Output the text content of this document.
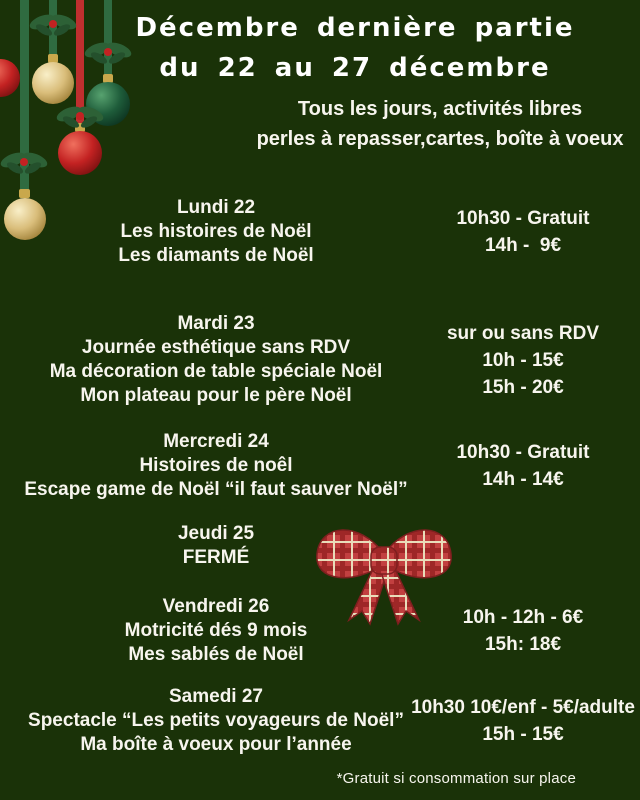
Décembre dernière partie
du 22 au 27 décembre
Tous les jours, activités libres
perles à repasser,cartes, boîte à voeux
Lundi 22
Les histoires de Noël
Les diamants de Noël
10h30 - Gratuit
14h -  9€
Mardi 23
Journée esthétique sans RDV
Ma décoration de table spéciale Noël
Mon plateau pour le père Noël
sur ou sans RDV
10h - 15€
15h - 20€
Mercredi 24
Histoires de noêl
Escape game de Noël “il faut sauver Noël”
10h30 - Gratuit
14h - 14€
Jeudi 25
FERMÉ
Vendredi 26
Motricité dés 9 mois
Mes sablés de Noël
10h - 12h - 6€
15h: 18€
Samedi 27
Spectacle “Les petits voyageurs de Noël”
Ma boîte à voeux pour l’année
10h30 10€/enf - 5€/adulte
15h - 15€
*Gratuit si consommation sur place
